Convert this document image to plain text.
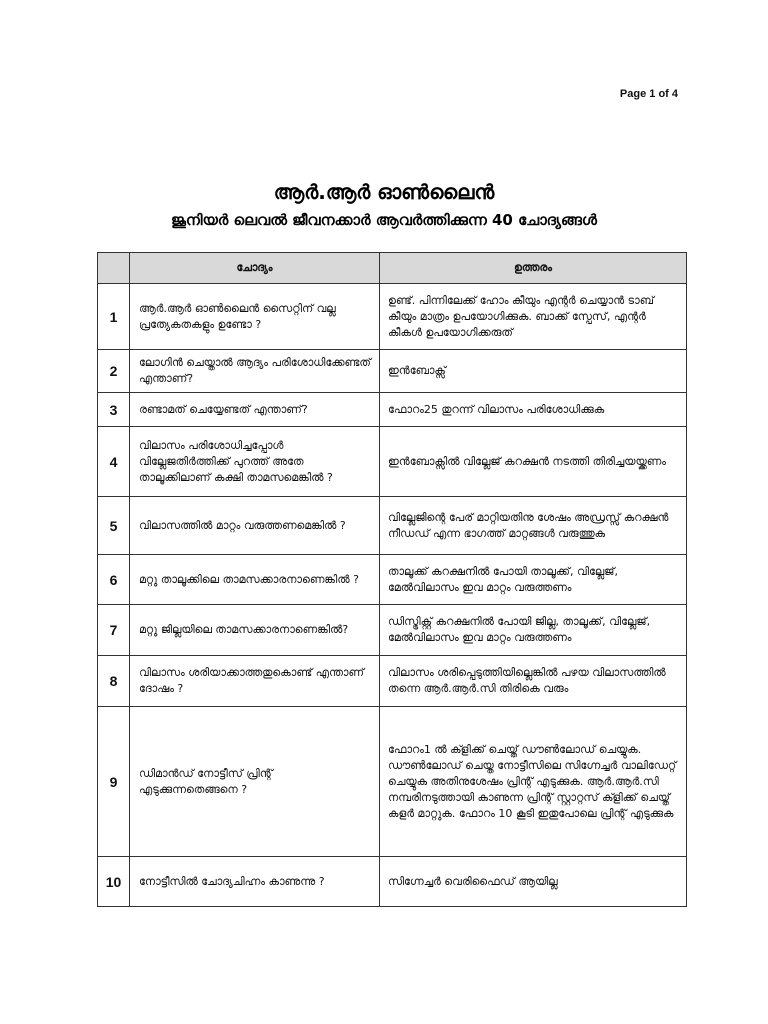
Page 1 of 4
ആർ.ആർ ഓൺലൈൻ
ജൂനിയർ ലെവൽ ജീവനക്കാർ ആവർത്തിക്കുന്ന 40 ചോദ്യങ്ങൾ
	ചോദ്യം	ഉത്തരം
1	ആർ.ആർ ഓൺലൈൻ സൈറ്റിന് വല്ല പ്രത്യേകതകളും ഉണ്ടോ ?	ഉണ്ട്. പിന്നിലേക്ക് ഹോം കീയും എന്റർ ചെയ്യാൻ ടാബ് കീയും മാത്രം ഉപയോഗിക്കുക. ബാക്ക് സ്പേസ്, എന്റർ കീകൾ ഉപയോഗിക്കരുത്
2	ലോഗിൻ ചെയ്താൽ ആദ്യം പരിശോധിക്കേണ്ടത് എന്താണ്?	ഇൻബോക്സ്
3	രണ്ടാമത് ചെയ്യേണ്ടത് എന്താണ്?	ഫോറം25 തുറന്ന് വിലാസം പരിശോധിക്കുക
4	വിലാസം പരിശോധിച്ചപ്പോൾ വില്ലേജതിർത്തിക്ക് പുറത്ത് അതേ താലൂക്കിലാണ് കക്ഷി താമസമെങ്കിൽ ?	ഇൻബോക്സിൽ വില്ലേജ് കറക്ഷൻ നടത്തി തിരിച്ചയയ്ക്കണം
5	വിലാസത്തിൽ മാറ്റം വരുത്തണമെങ്കിൽ ?	വില്ലേജിന്റെ പേര് മാറ്റിയതിനു ശേഷം അഡ്രസ്സ് കറക്ഷൻ നീഡഡ് എന്ന ഭാഗത്ത് മാറ്റങ്ങൾ വരുത്തുക
6	മറ്റു താലൂക്കിലെ താമസക്കാരനാണെങ്കിൽ ?	താലൂക്ക് കറക്ഷനിൽ പോയി താലൂക്ക്, വില്ലേജ്, മേൽവിലാസം ഇവ മാറ്റം വരുത്തണം
7	മറ്റു ജില്ലയിലെ താമസക്കാരനാണെങ്കിൽ?	ഡിസ്ട്രിക്റ്റ് കറക്ഷനിൽ പോയി ജില്ല, താലൂക്ക്, വില്ലേജ്, മേൽവിലാസം ഇവ മാറ്റം വരുത്തണം
8	വിലാസം ശരിയാക്കാത്തതുകൊണ്ട് എന്താണ് ദോഷം ?	വിലാസം ശരിപ്പെടുത്തിയില്ലെങ്കിൽ പഴയ വിലാസത്തിൽ തന്നെ ആർ.ആർ.സി തിരികെ വരും
9	ഡിമാൻഡ് നോട്ടീസ് പ്രിന്റ് എടുക്കുന്നതെങ്ങനെ ?	ഫോറം1 ൽ ക്ളിക്ക് ചെയ്ത് ഡൗൺലോഡ് ചെയ്യുക. ഡൗൺലോഡ് ചെയ്ത നോട്ടീസിലെ സിഗ്നേച്ചർ വാലിഡേറ്റ് ചെയ്യുക അതിനുശേഷം പ്രിന്റ് എടുക്കുക. ആർ.ആർ.സി നമ്പരിനടുത്തായി കാണുന്ന പ്രിന്റ് സ്റ്റാറ്റസ് ക്ളിക്ക് ചെയ്ത് കളർ മാറ്റുക. ഫോറം 10 കൂടി ഇതുപോലെ പ്രിന്റ് എടുക്കുക
10	നോട്ടീസിൽ ചോദ്യചിഹ്നം കാണുന്നു ?	സിഗ്നേച്ചർ വെരിഫൈഡ് ആയില്ല
